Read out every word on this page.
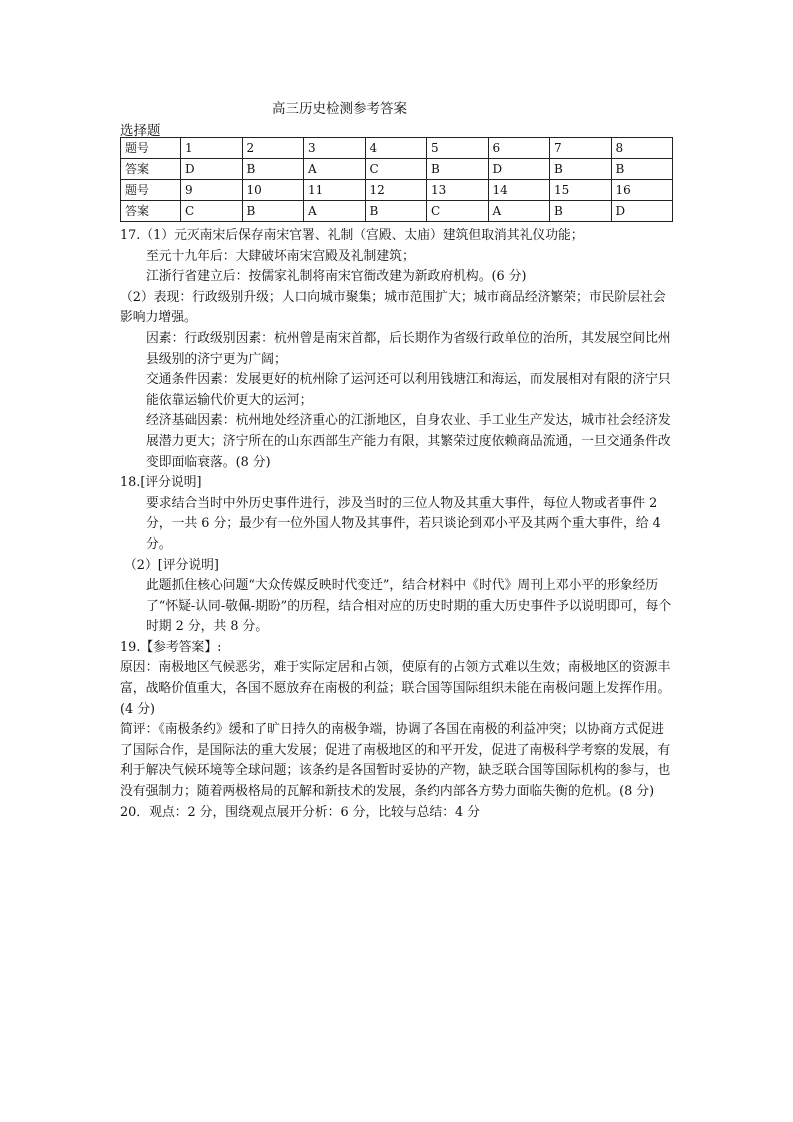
高三历史检测参考答案
选择题
题号	1	2	3	4	5	6	7	8
答案	D	B	A	C	B	D	B	B
题号	9	10	11	12	13	14	15	16
答案	C	B	A	B	C	A	B	D

17.（1）元灭南宋后保存南宋官署、礼制（宫殿、太庙）建筑但取消其礼仪功能；

至元十九年后：大肆破坏南宋宫殿及礼制建筑；

江浙行省建立后：按儒家礼制将南宋官衙改建为新政府机构。(6 分)

（2）表现：行政级别升级；人口向城市聚集；城市范围扩大；城市商品经济繁荣；市民阶层社会影响力增强。

因素：行政级别因素：杭州曾是南宋首都，后长期作为省级行政单位的治所，其发展空间比州县级别的济宁更为广阔；

交通条件因素：发展更好的杭州除了运河还可以利用钱塘江和海运，而发展相对有限的济宁只能依靠运输代价更大的运河；

经济基础因素：杭州地处经济重心的江浙地区，自身农业、手工业生产发达，城市社会经济发展潜力更大；济宁所在的山东西部生产能力有限，其繁荣过度依赖商品流通，一旦交通条件改变即面临衰落。(8 分)

18.[评分说明]

要求结合当时中外历史事件进行，涉及当时的三位人物及其重大事件，每位人物或者事件 2 分，一共 6 分；最少有一位外国人物及其事件，若只谈论到邓小平及其两个重大事件，给 4 分。

（2）[评分说明]

此题抓住核心问题“大众传媒反映时代变迁”，结合材料中《时代》周刊上邓小平的形象经历了“怀疑-认同-敬佩-期盼”的历程，结合相对应的历史时期的重大历史事件予以说明即可，每个时期 2 分，共 8 分。

19.【参考答案】:

原因：南极地区气候恶劣，难于实际定居和占领，使原有的占领方式难以生效；南极地区的资源丰富，战略价值重大，各国不愿放弃在南极的利益；联合国等国际组织未能在南极问题上发挥作用。(4 分)

简评：《南极条约》缓和了旷日持久的南极争端，协调了各国在南极的利益冲突；以协商方式促进了国际合作，是国际法的重大发展；促进了南极地区的和平开发，促进了南极科学考察的发展，有利于解决气候环境等全球问题；该条约是各国暂时妥协的产物，缺乏联合国等国际机构的参与，也没有强制力；随着两极格局的瓦解和新技术的发展，条约内部各方势力面临失衡的危机。(8 分)

20．观点：2 分，围绕观点展开分析：6 分，比较与总结：4 分
